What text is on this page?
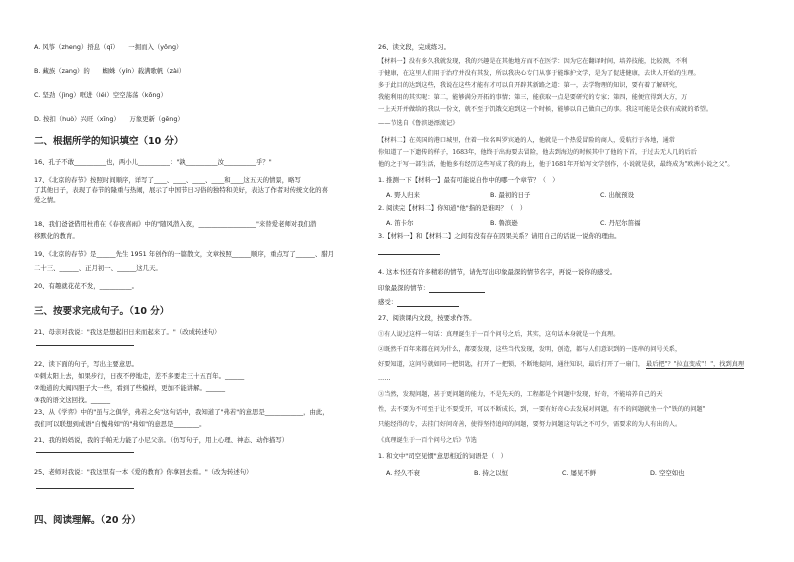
A. 风筝（zheng）捂息（qī）　　一拥而入（yōng）
B. 藏族（zang）的　　蜘蛛（yín）载满歌帆（zài）
C. 坚劲（jìng）哐进（léi）空空荡荡（kōng）
D. 按扣（huò）兴旺（xīng）　　万象更新（gēng）
二、根据所学的知识填空（10 分）
16、孔子不敢__________也，两小儿__________："孰__________汝__________乎？"
17、《北京的春节》按照时间顺序，详写了____、____、____、____和____这五天的情景，略写
了其他日子，表现了春节的隆重与热闹，展示了中国节日习俗的独特和美好，表达了作者对传统文化的喜
爱之情。
18、我们爸爸借用杜甫在《春夜喜雨》中的"随风潜入夜，__________________"来替爱老师对我们潜
移默化的教育。
19、《北京的春节》是______先生 1951 年创作的一篇散文，文章按照______顺序，重点写了______、腊月
二十三、______、正月初一、______这几天。
20、有趣就花花不发，__________。
三、按要求完成句子。（10 分）
21、母亲对我说："我这是想起旧日来而起来了。"（改成转述句）
22、读下面的句子，写出主要意思。
①刺太阳上去，如果步行，日夜不停地走，差不多要走三十五百年。______
②地道的大阀四胆子大一些，看到了些模样，更加不能讲解。______
③我的语文这回找。______
23、从《学弈》中的"虽与之俱学，弗若之矣"这句话中，我知道了"弗若"的意思是____________，由此，
我们可以联想到成语"自愧弗如"的"弗如"的意思是________。
21、我的妈妈说，我的手帕无力能了小尼父亲。（仿写句子，用上心理、神态、动作描写）
25、老师对我说："我这里有一本《爱的教育》你拿回去看。"（改为转述句）
四、阅读理解。（20 分）
26、读文段，完成练习。
【材料一】没有多久我就发现，我的兴趣是在其他地方而不在医学：因为它在翻译时间，培养技能，比较测，不利
于健康，在这里人们用于治疗并没有其发，所以我决心专门从事于能维护文学，是为了促进健康，去世人开始的生理。
多于此目的达到这些，我说在这些才能有才可以自开辟其新路之道：第一，去学物理的知识，要有着了解研究，
我能利用的其实呢：第二，能够满分开拓的事情；第三，能获取一点是要研究的专家；第四，能便宜得到大方，万
一上天开并做给的我以一份文，就不至于饥饿交迫到这一个时候，能够以自己做自己的事。我这可能是会获有成就的希望。
——节选自《鲁滨逊漂流记》
【材料二】在英国的港口城里，住着一位名叫罗宾逊的人，他就是一个热爱冒险的商人，爱航行于各地，通常
你知道了一下遗传的样子，1683年，他终于出海要去冒险，他去到海边的时候其中了他的下首，于过去无人几的后后
他的之于写一部生活，他他多有经历这些写成了我的海上，他于1681年开始写文学创作，小说就是获，最终成为"欧洲小说之父"。
1. 推测一下【材料一】最有可能说自作中的哪一个章节？（　）
A. 野人归来	B. 最初的日子	C. 出航预设
2. 阅读完【材料二】你知道"他"指的是谁吗？（　）
A. 笛卡尔	B. 鲁滨逊	C. 丹尼尔笛福
3.【材料一】和【材料二】之间有没有存在因果关系？请用自己的话说一说你的理由。
4. 这本书还有许多精彩的情节，请先写出印象最深的情节名字，再说一说你的感受。
印象最深的情节：
感受：
27、阅读课内文段，按要求作答。
①有人说过这样一句话：真理诞生于一百个问号之后，其实，这句话本身就是一个真理。
②既然千百年来都在问为什么，都要发现，这些当代发现，发明，创造，都与人们意识到的一连串的问号关系，
好要知道，这问号就如同一把钥匙，打开了一把锁，不断地提问，通往知识，最后打开了一扇门， 最后把"？"拉直变成"！"，找到真理
……
③当然，发现问题，甚于更问题的能力，不是先天的，工程都是个问题中发现，好奇，不能培养自己的天
性，去不要为不可至于让不要受开，可以不断成长，到，一要有好奇心去发展对问题，有不的问题就坐一个"铁的的问题"
只能经得的专，去挂门好问奇善，使得坚持追问的问题，要努力问题这句话之不可少，需要求的为人有出的人。
《真理诞生于一百个问号之后》节选
1. 和文中"司空见惯"意思相近的词语是（　）
A. 经久不衰	B. 持之以恒	C. 屡见不鲜	D. 空空如也
